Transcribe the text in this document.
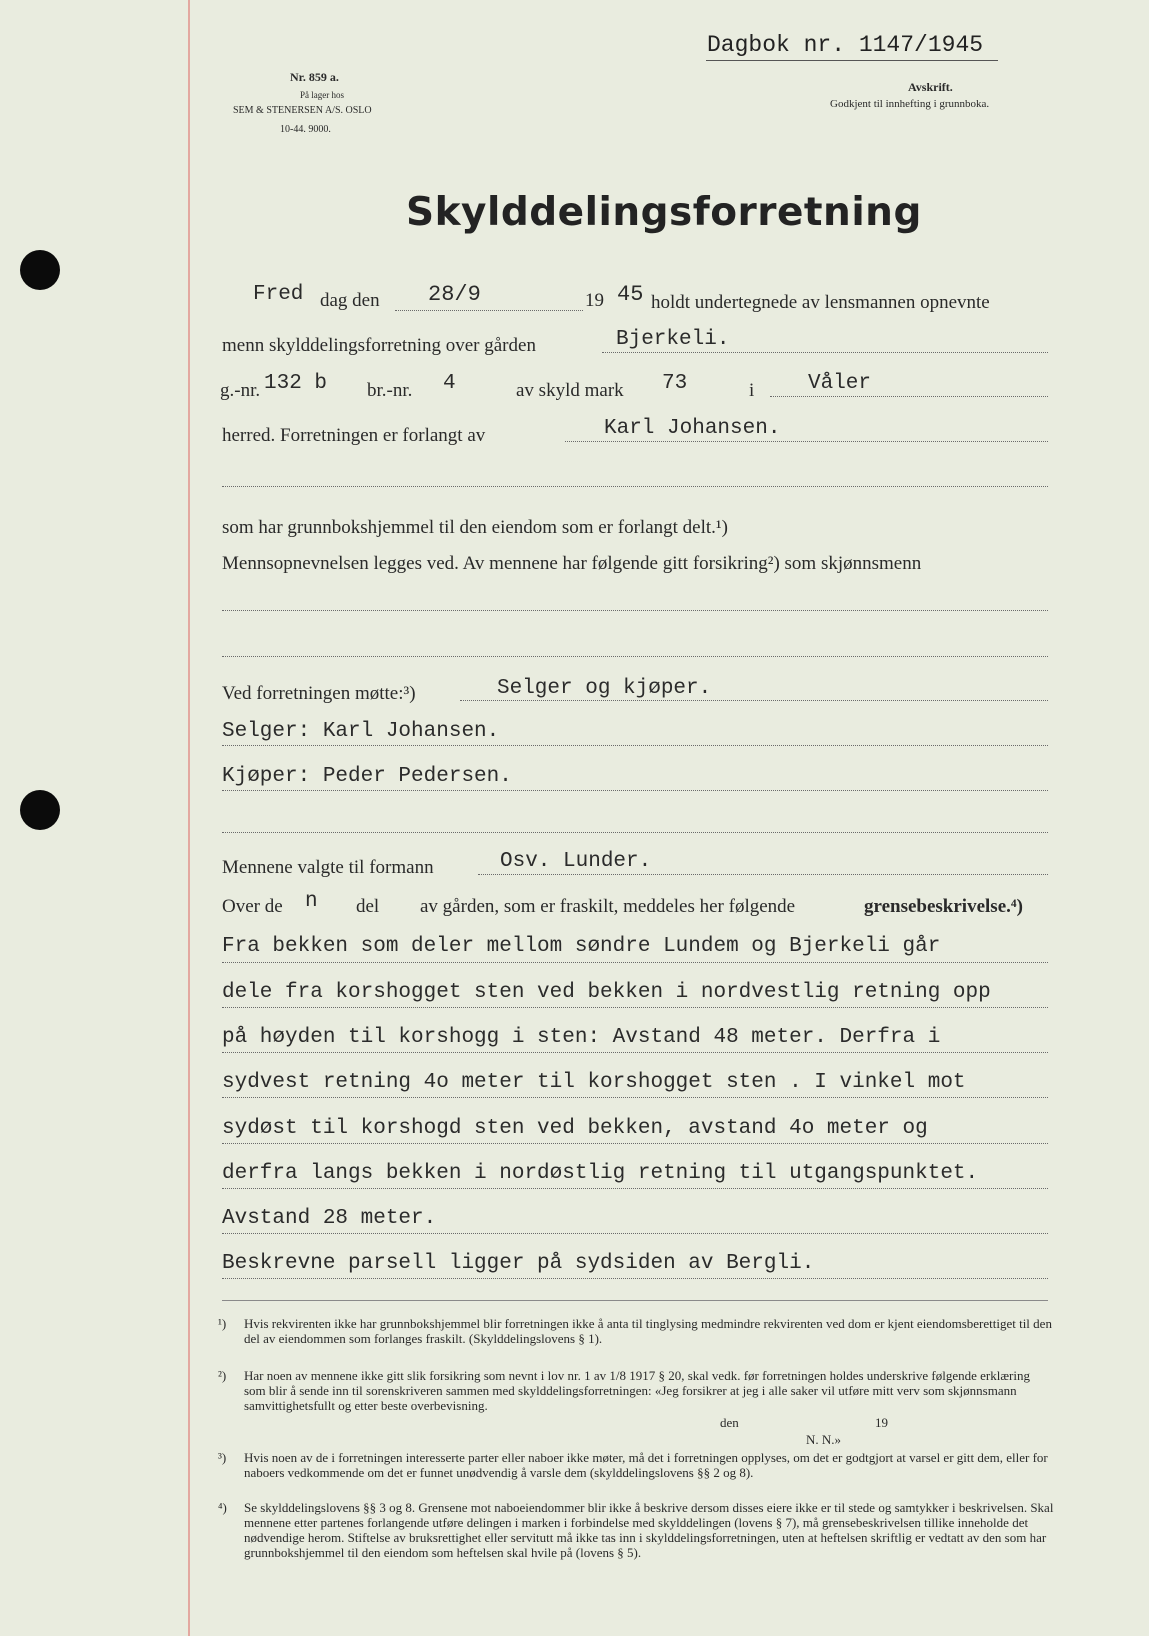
Nr. 859 a.
På lager hos
SEM & STENERSEN A/S. OSLO
10-44. 9000.
Dagbok nr. 1147/1945
Avskrift.
Godkjent til innhefting i grunnboka.
Skylddelingsforretning
Fred dag den 28/9	19 45 holdt undertegnede av lensmannen opnevnte
menn skylddelingsforretning over gården	Bjerkeli.
g.-nr. 132 b br.-nr. 4	av skyld mark 73	i	Våler
herred. Forretningen er forlangt av	Karl Johansen.
som har grunnbokshjemmel til den eiendom som er forlangt delt.¹)
Mennsopnevnelsen legges ved. Av mennene har følgende gitt forsikring²) som skjønnsmenn
Ved forretningen møtte:³)	Selger og kjøper.
Selger: Karl Johansen.
Kjøper: Peder Pedersen.
Mennene valgte til formann	Osv. Lunder.
Over de n del av gården, som er fraskilt, meddeles her følgende	grensebeskrivelse.⁴)
Fra bekken som deler mellom søndre Lundem og Bjerkeli går
dele fra korshogget sten ved bekken i nordvestlig retning opp
på høyden til korshogg i sten: Avstand 48 meter. Derfra i
sydvest retning 4o meter til korshogget sten . I vinkel mot
sydøst til korshogd sten ved bekken, avstand 4o meter og
derfra langs bekken i nordøstlig retning til utgangspunktet.
Avstand 28 meter.
Beskrevne parsell ligger på sydsiden av Bergli.
¹) Hvis rekvirenten ikke har grunnbokshjemmel blir forretningen ikke å anta til tinglysing medmindre rekvirenten ved dom er kjent eiendomsberettiget til den del av eiendommen som forlanges fraskilt. (Skylddelingslovens § 1).
²) Har noen av mennene ikke gitt slik forsikring som nevnt i lov nr. 1 av 1/8 1917 § 20, skal vedk. før forretningen holdes underskrive følgende erklæring som blir å sende inn til sorenskriveren sammen med skylddelingsforretningen: «Jeg forsikrer at jeg i alle saker vil utføre mitt verv som skjønnsmann samvittighetsfullt og etter beste overbevisning.
den	19
N. N.»
³) Hvis noen av de i forretningen interesserte parter eller naboer ikke møter, må det i forretningen opplyses, om det er godtgjort at varsel er gitt dem, eller for naboers vedkommende om det er funnet unødvendig å varsle dem (skylddelingslovens §§ 2 og 8).
⁴) Se skylddelingslovens §§ 3 og 8. Grensene mot naboeiendommer blir ikke å beskrive dersom disses eiere ikke er til stede og samtykker i beskrivelsen. Skal mennene etter partenes forlangende utføre delingen i marken i forbindelse med skylddelingen (lovens § 7), må grensebeskrivelsen tillike inneholde det nødvendige herom. Stiftelse av bruksrettighet eller servitutt må ikke tas inn i skylddelingsforretningen, uten at heftelsen skriftlig er vedtatt av den som har grunnbokshjemmel til den eiendom som heftelsen skal hvile på (lovens § 5).
